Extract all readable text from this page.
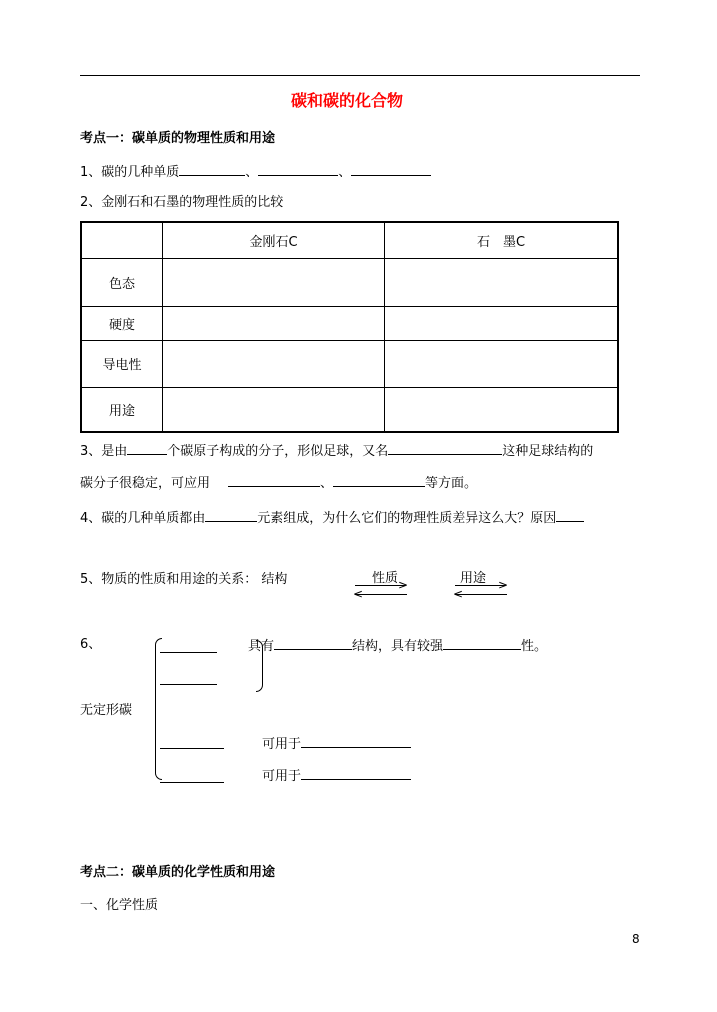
碳和碳的化合物
考点一：碳单质的物理性质和用途
1、碳的几种单质	、	、
2、金刚石和石墨的物理性质的比较
	金刚石C	石　墨C
色态		
硬度		
导电性		
用途		
3、是由	个碳原子构成的分子，形似足球，又名	这种足球结构的
碳分子很稳定，可应用	、	等方面。
4、碳的几种单质都由	元素组成，为什么它们的物理性质差异这么大？原因
5、物质的性质和用途的关系： 结构	性质	用途
>
<
>
<
6、	具有	结构，具有较强	性。
无定形碳
可用于
可用于
考点二：碳单质的化学性质和用途
一、化学性质
8
